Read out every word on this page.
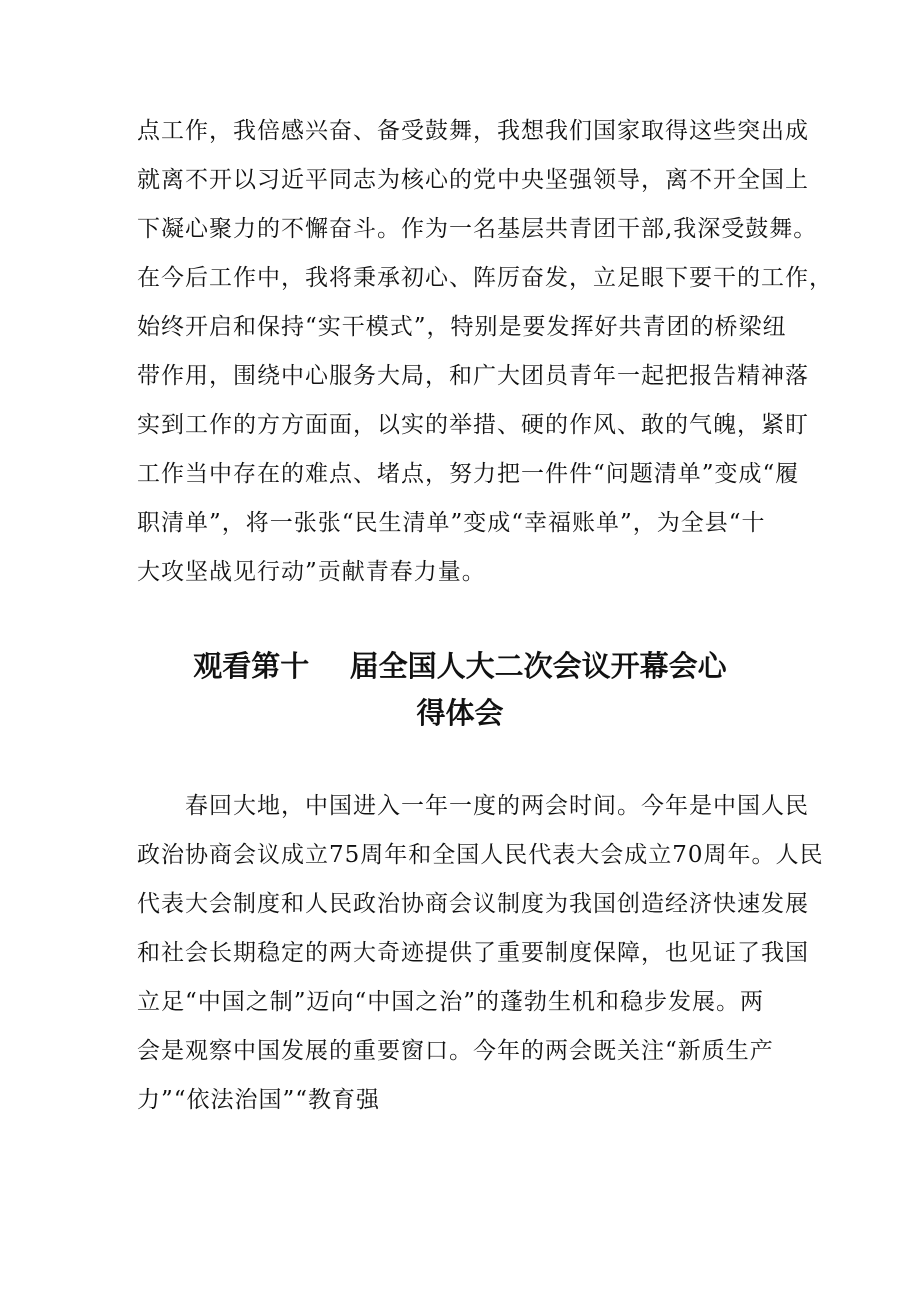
点工作，我倍感兴奋、备受鼓舞，我想我们国家取得这些突出成
就离不开以习近平同志为核心的党中央坚强领导，离不开全国上
下凝心聚力的不懈奋斗。作为一名基层共青团干部,我深受鼓舞。
在今后工作中，我将秉承初心、阵厉奋发，立足眼下要干的工作，
始终开启和保持“实干模式”，特别是要发挥好共青团的桥梁纽
带作用，围绕中心服务大局，和广大团员青年一起把报告精神落
实到工作的方方面面，以实的举措、硬的作风、敢的气魄，紧盯
工作当中存在的难点、堵点，努力把一件件“问题清单”变成“履
职清单”，将一张张“民生清单”变成“幸福账单”，为全县“十
大攻坚战见行动”贡献青春力量。
观看第十    届全国人大二次会议开幕会心
得体会
　　春回大地，中国进入一年一度的两会时间。今年是中国人民
政治协商会议成立75周年和全国人民代表大会成立70周年。人民
代表大会制度和人民政治协商会议制度为我国创造经济快速发展
和社会长期稳定的两大奇迹提供了重要制度保障，也见证了我国
立足“中国之制”迈向“中国之治”的蓬勃生机和稳步发展。两
会是观察中国发展的重要窗口。今年的两会既关注“新质生产
力”“依法治国”“教育强
